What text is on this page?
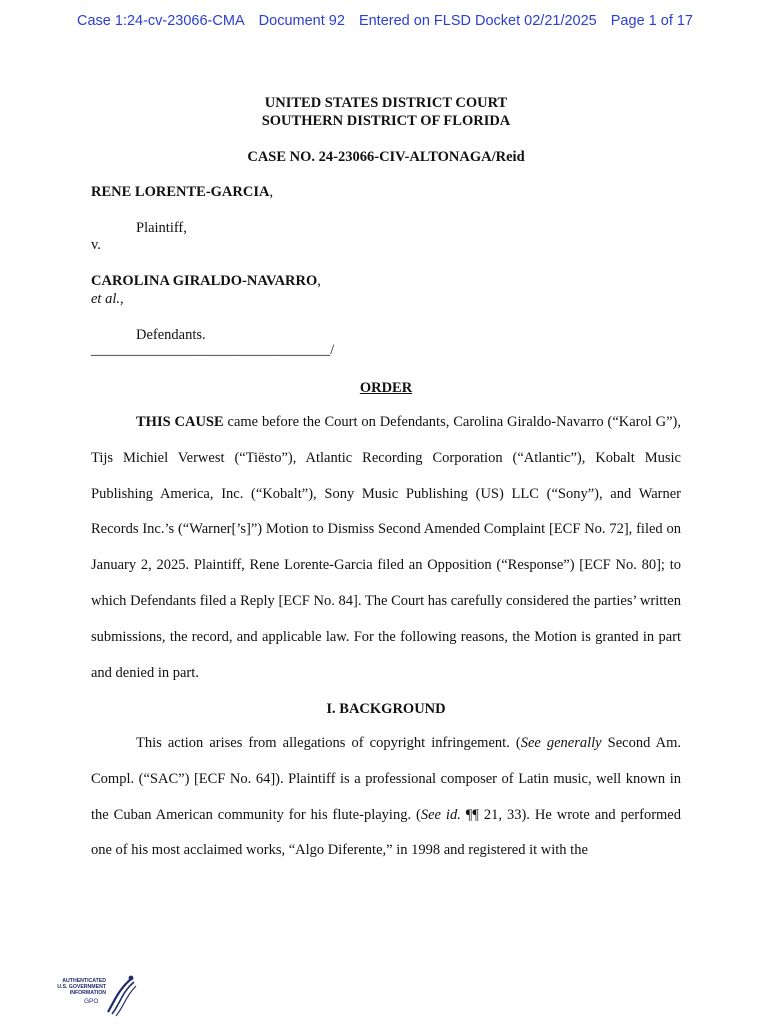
Case 1:24-cv-23066-CMA Document 92 Entered on FLSD Docket 02/21/2025 Page 1 of 17
UNITED STATES DISTRICT COURT
SOUTHERN DISTRICT OF FLORIDA
CASE NO. 24-23066-CIV-ALTONAGA/Reid
RENE LORENTE-GARCIA,
Plaintiff,
v.
CAROLINA GIRALDO-NAVARRO,
et al.,
Defendants.
_________________________________/
ORDER
THIS CAUSE came before the Court on Defendants, Carolina Giraldo-Navarro (“Karol G”), Tijs Michiel Verwest (“Tiësto”), Atlantic Recording Corporation (“Atlantic”), Kobalt Music Publishing America, Inc. (“Kobalt”), Sony Music Publishing (US) LLC (“Sony”), and Warner Records Inc.’s (“Warner[’s]”) Motion to Dismiss Second Amended Complaint [ECF No. 72], filed on January 2, 2025. Plaintiff, Rene Lorente-Garcia filed an Opposition (“Response”) [ECF No. 80]; to which Defendants filed a Reply [ECF No. 84]. The Court has carefully considered the parties’ written submissions, the record, and applicable law. For the following reasons, the Motion is granted in part and denied in part.
I. BACKGROUND
This action arises from allegations of copyright infringement. (See generally Second Am. Compl. (“SAC”) [ECF No. 64]). Plaintiff is a professional composer of Latin music, well known in the Cuban American community for his flute-playing. (See id. ¶¶ 21, 33). He wrote and performed one of his most acclaimed works, “Algo Diferente,” in 1998 and registered it with the
AUTHENTICATED
U.S. GOVERNMENT
INFORMATION
GPO
